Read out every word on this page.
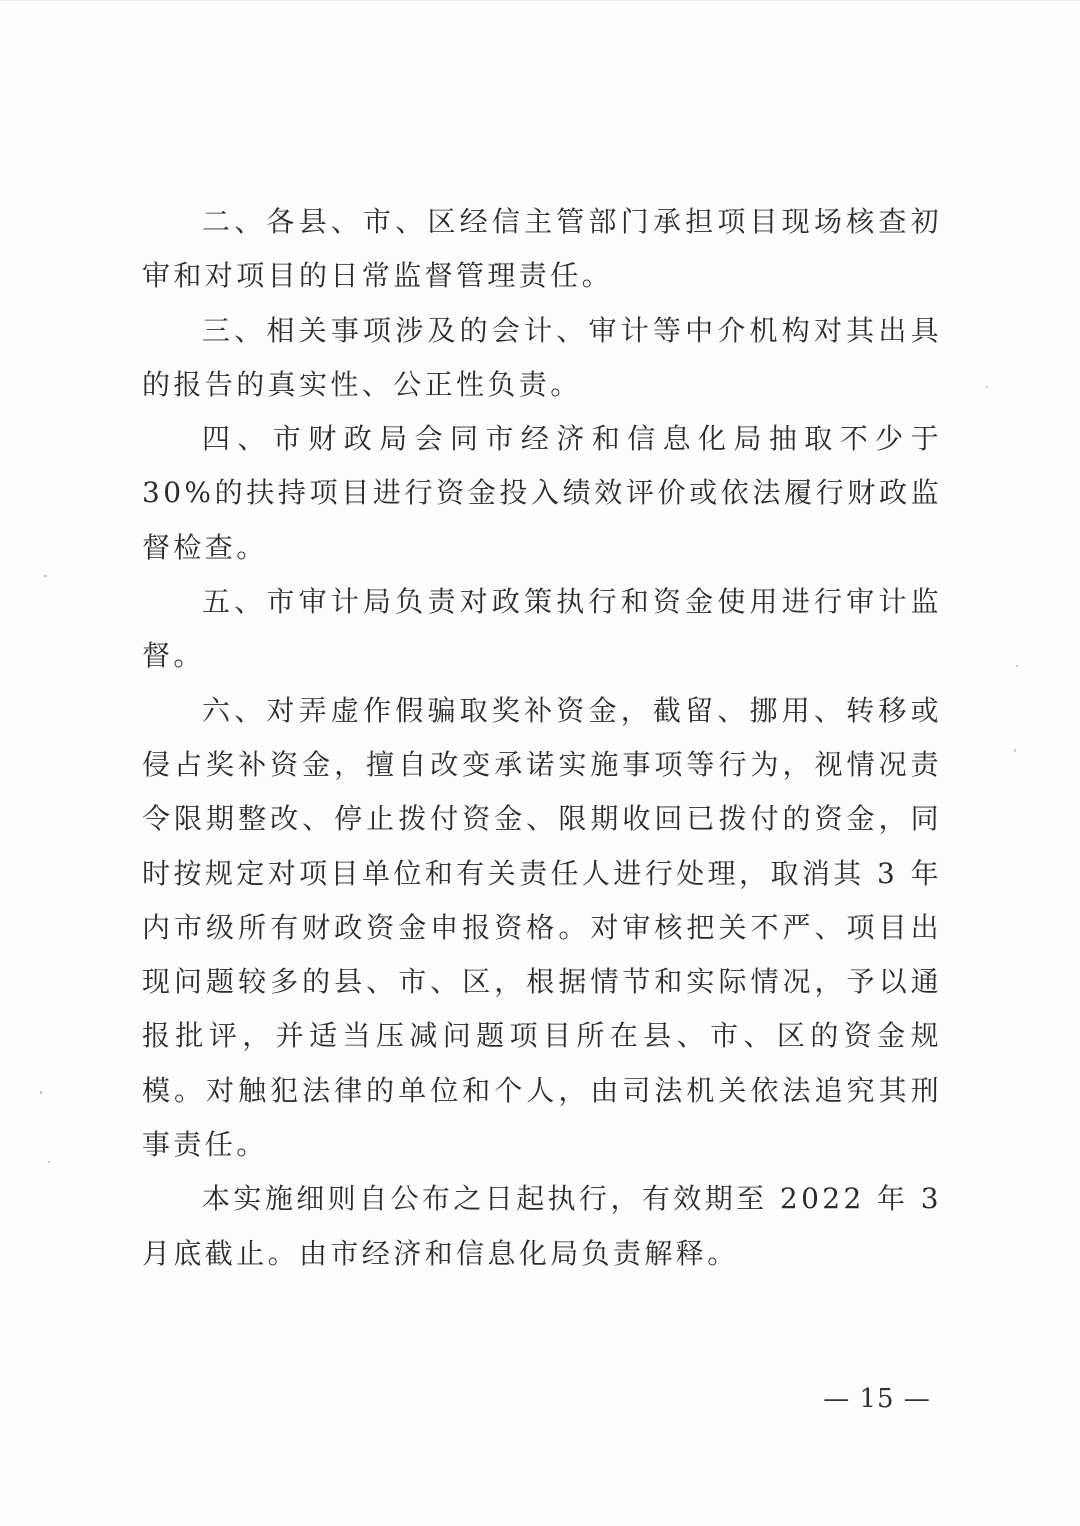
二、各县、市、区经信主管部门承担项目现场核查初审和对项目的日常监督管理责任。

三、相关事项涉及的会计、审计等中介机构对其出具的报告的真实性、公正性负责。

四、市财政局会同市经济和信息化局抽取不少于 30%的扶持项目进行资金投入绩效评价或依法履行财政监督检查。

五、市审计局负责对政策执行和资金使用进行审计监督。

六、对弄虚作假骗取奖补资金，截留、挪用、转移或侵占奖补资金，擅自改变承诺实施事项等行为，视情况责令限期整改、停止拨付资金、限期收回已拨付的资金，同时按规定对项目单位和有关责任人进行处理，取消其 3 年内市级所有财政资金申报资格。对审核把关不严、项目出现问题较多的县、市、区，根据情节和实际情况，予以通报批评，并适当压减问题项目所在县、市、区的资金规模。对触犯法律的单位和个人，由司法机关依法追究其刑事责任。

本实施细则自公布之日起执行，有效期至 2022 年 3 月底截止。由市经济和信息化局负责解释。

— 15 —
